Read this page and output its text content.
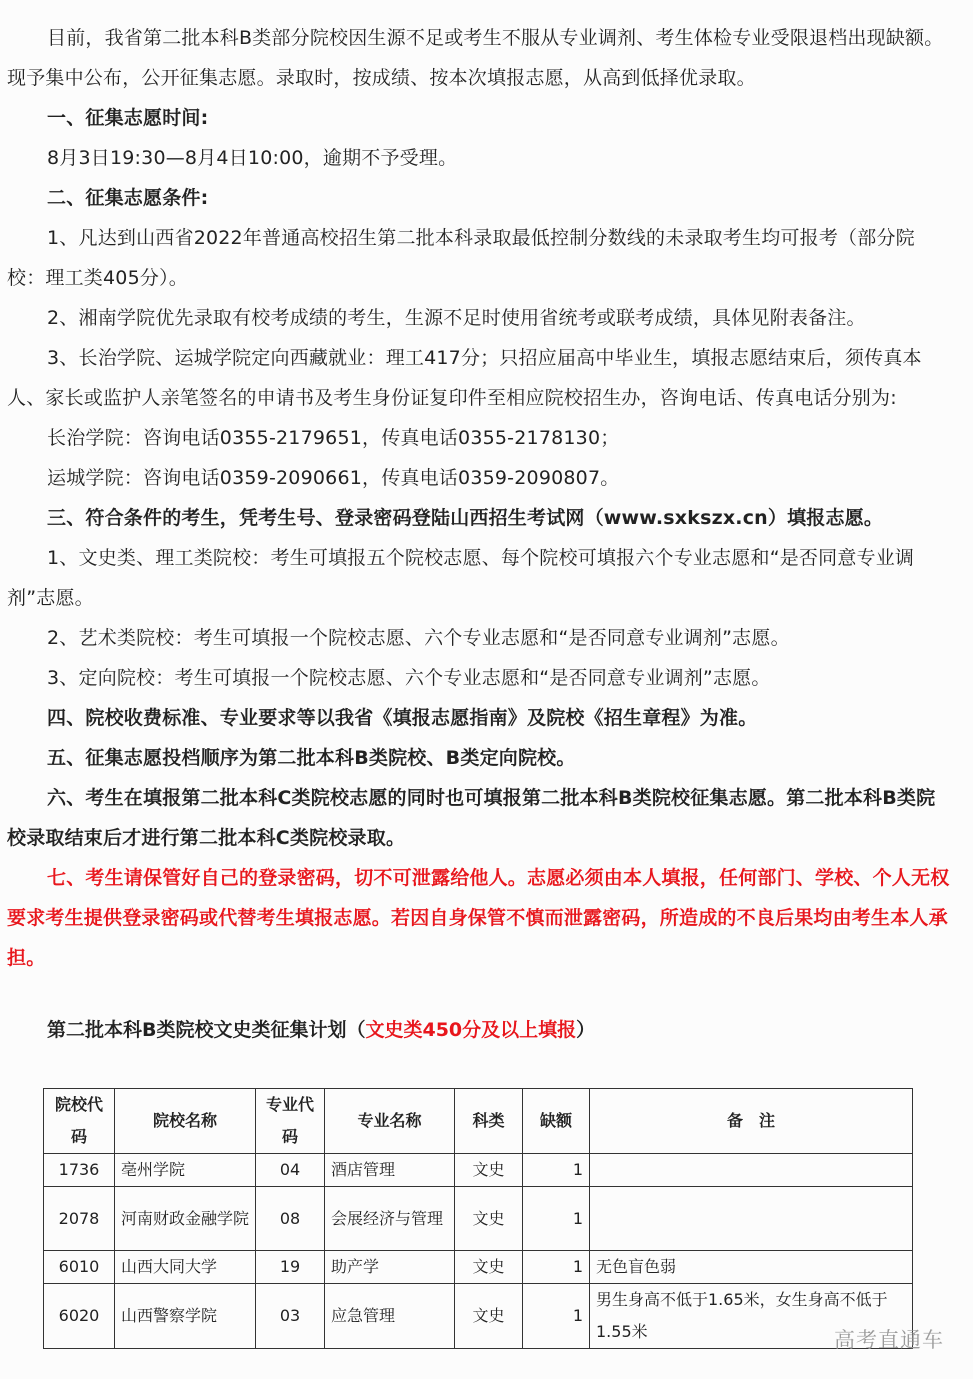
目前，我省第二批本科B类部分院校因生源不足或考生不服从专业调剂、考生体检专业受限退档出现缺额。现予集中公布，公开征集志愿。录取时，按成绩、按本次填报志愿，从高到低择优录取。

一、征集志愿时间:

8月3日19:30—8月4日10:00，逾期不予受理。

二、征集志愿条件:

1、凡达到山西省2022年普通高校招生第二批本科录取最低控制分数线的未录取考生均可报考（部分院校：理工类405分）。

2、湘南学院优先录取有校考成绩的考生，生源不足时使用省统考或联考成绩，具体见附表备注。

3、长治学院、运城学院定向西藏就业：理工417分；只招应届高中毕业生，填报志愿结束后，须传真本人、家长或监护人亲笔签名的申请书及考生身份证复印件至相应院校招生办，咨询电话、传真电话分别为:

长治学院：咨询电话0355-2179651，传真电话0355-2178130；

运城学院：咨询电话0359-2090661，传真电话0359-2090807。

三、符合条件的考生，凭考生号、登录密码登陆山西招生考试网（www.sxkszx.cn）填报志愿。

1、文史类、理工类院校：考生可填报五个院校志愿、每个院校可填报六个专业志愿和“是否同意专业调剂”志愿。

2、艺术类院校：考生可填报一个院校志愿、六个专业志愿和“是否同意专业调剂”志愿。

3、定向院校：考生可填报一个院校志愿、六个专业志愿和“是否同意专业调剂”志愿。

四、院校收费标准、专业要求等以我省《填报志愿指南》及院校《招生章程》为准。

五、征集志愿投档顺序为第二批本科B类院校、B类定向院校。

六、考生在填报第二批本科C类院校志愿的同时也可填报第二批本科B类院校征集志愿。第二批本科B类院校录取结束后才进行第二批本科C类院校录取。

七、考生请保管好自己的登录密码，切不可泄露给他人。志愿必须由本人填报，任何部门、学校、个人无权要求考生提供登录密码或代替考生填报志愿。若因自身保管不慎而泄露密码，所造成的不良后果均由考生本人承担。

第二批本科B类院校文史类征集计划（文史类450分及以上填报）

院校代码	院校名称	专业代码	专业名称	科类	缺额	备　注
1736	亳州学院	04	酒店管理	文史	1	
2078	河南财政金融学院	08	会展经济与管理	文史	1	
6010	山西大同大学	19	助产学	文史	1	无色盲色弱
6020	山西警察学院	03	应急管理	文史	1	男生身高不低于1.65米，女生身高不低于1.55米	高考直通车
